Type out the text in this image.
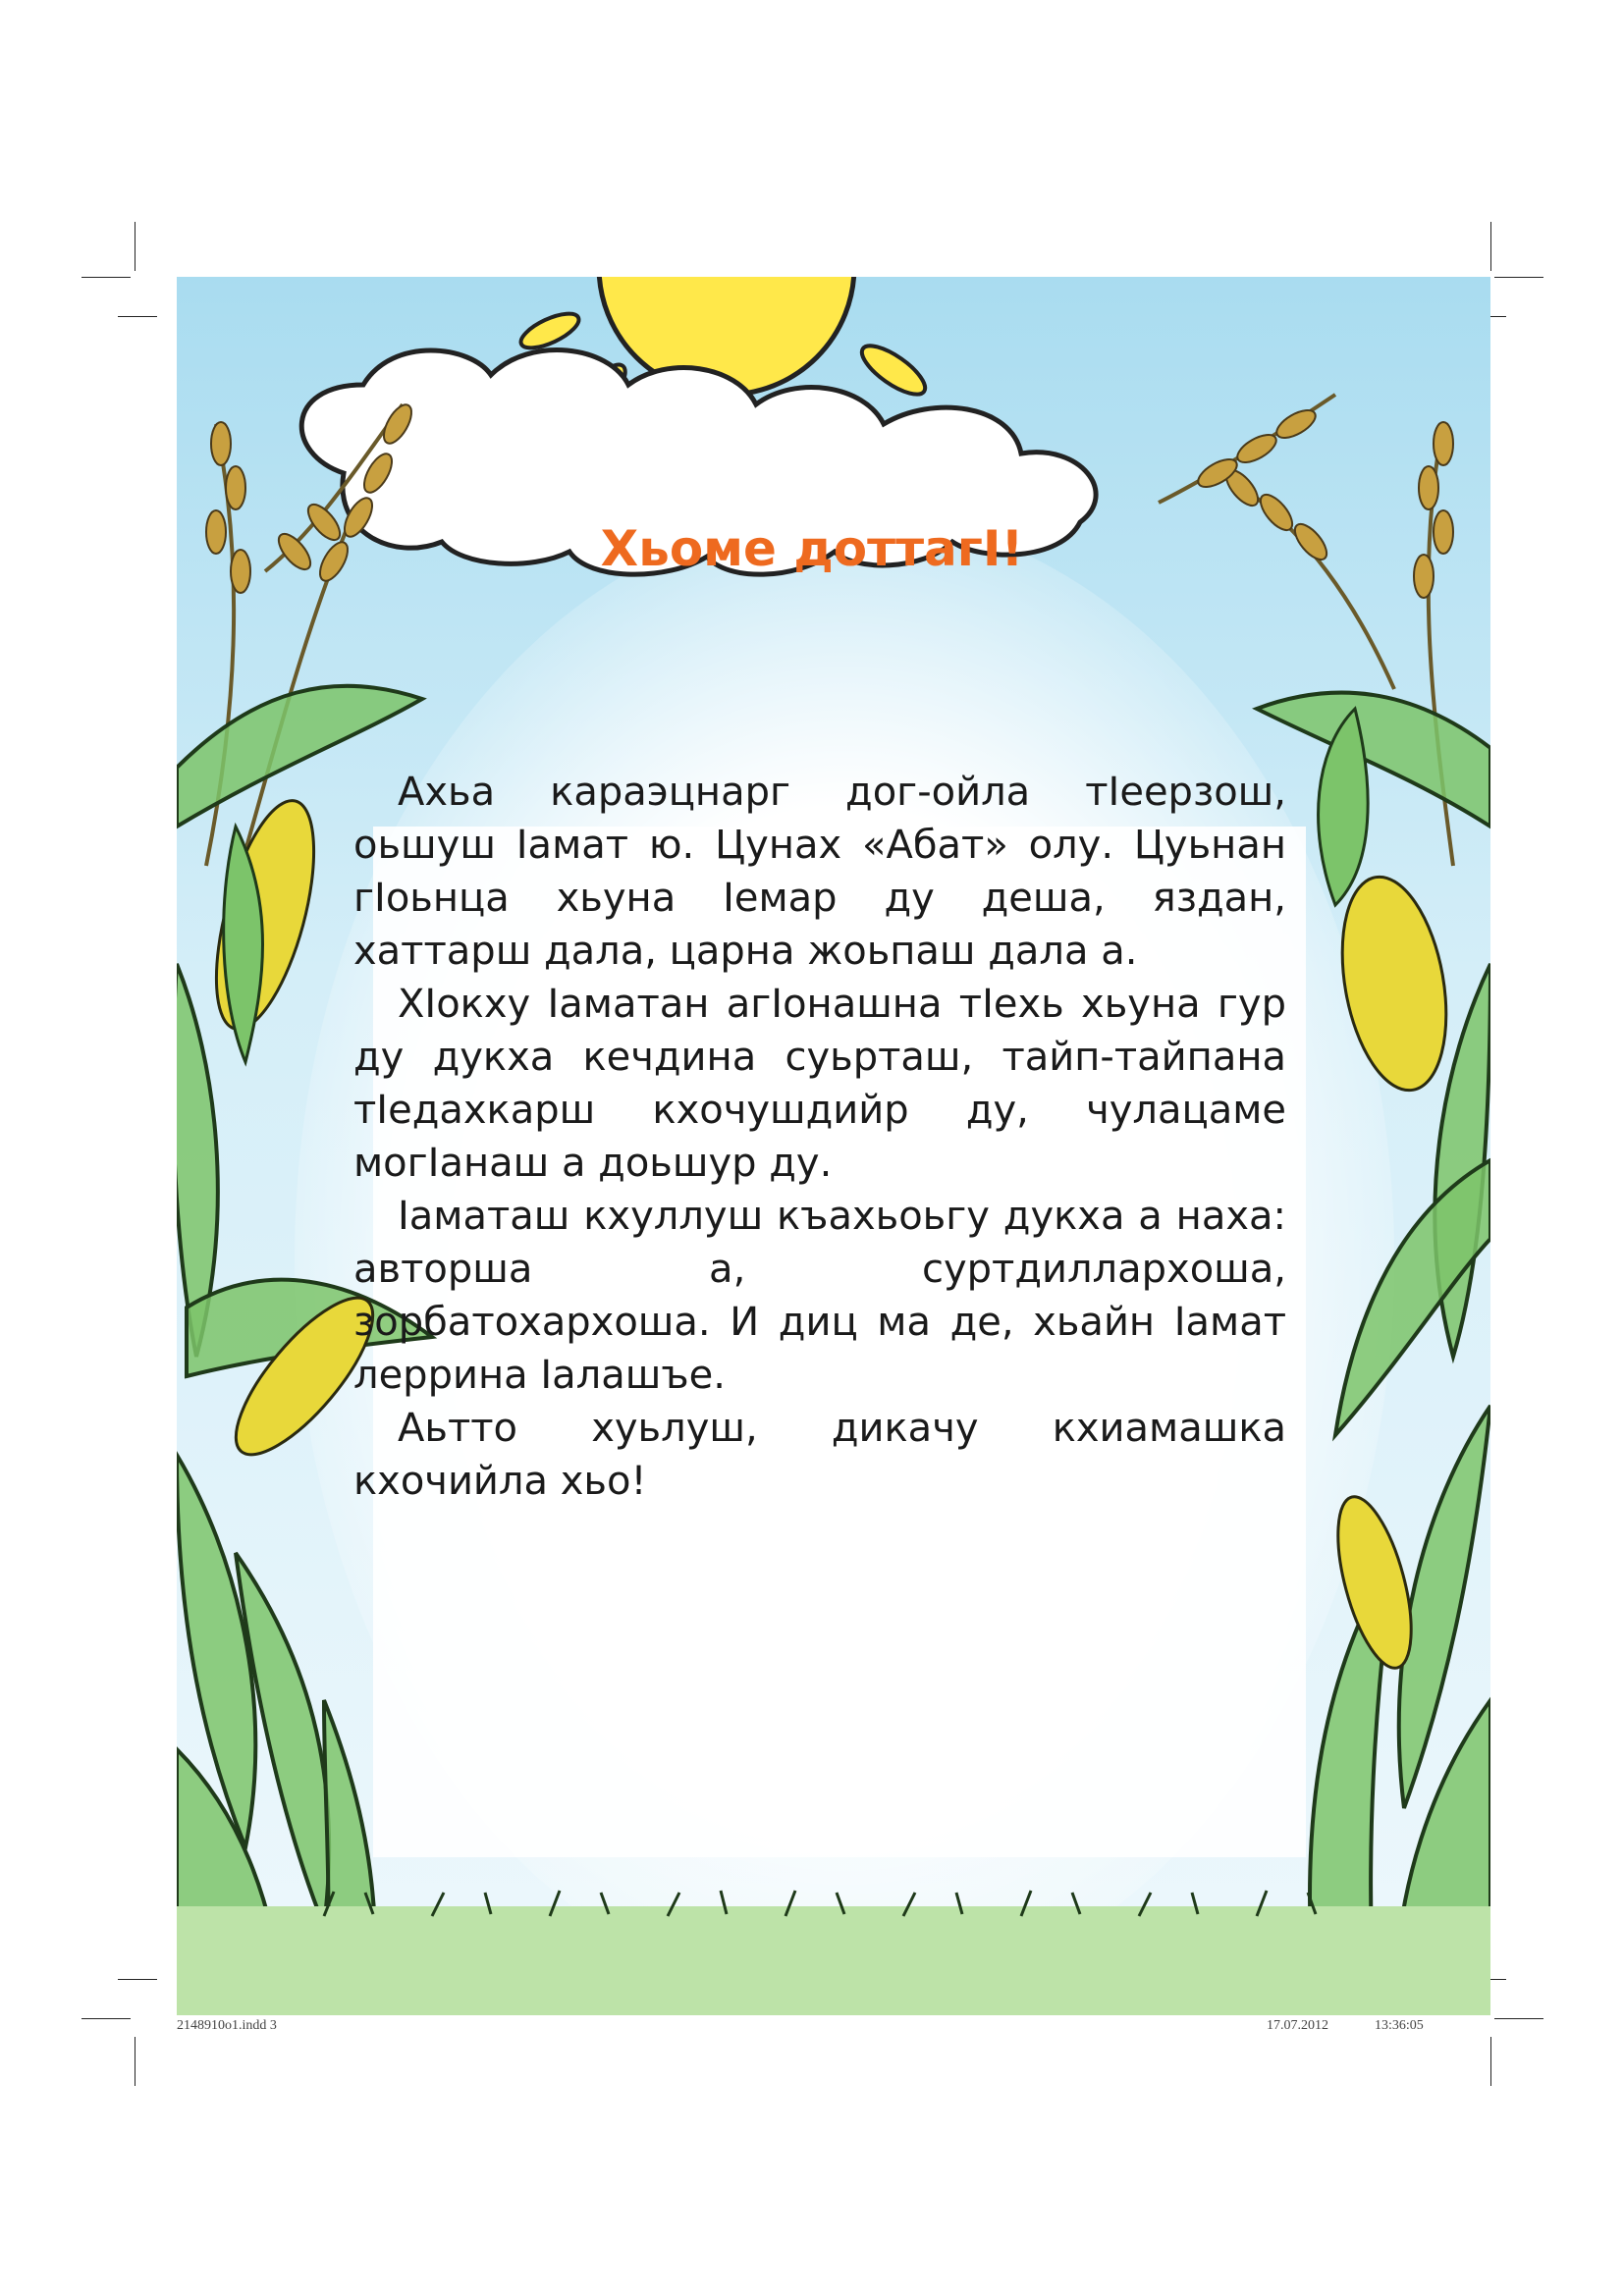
Хьоме доттагІ!

Ахьа караэцнарг дог-ойла тІеерзош, оьшуш Іамат ю. Цунах «Абат» олу. Цуьнан гІоьнца хьуна Іемар ду деша, яздан, хаттарш дала, царна жоьпаш дала а.

ХІокху Іаматан агІонашна тІехь хьуна гур ду дукха кечдина суьрташ, тайп-тайпана тІедахкарш кхочушдийр ду, чулацаме могІанаш а доьшур ду.

Іаматаш кхуллуш къахьоьгу дукха а наха: авторша а, суртдиллархоша, зорбатохархоша. И диц ма де, хьайн Іамат леррина Іалашъе.

Аьтто хуьлуш, дикачу кхиамашка кхочийла хьо!

2148910o1.indd 3	17.07.2012	13:36:05
